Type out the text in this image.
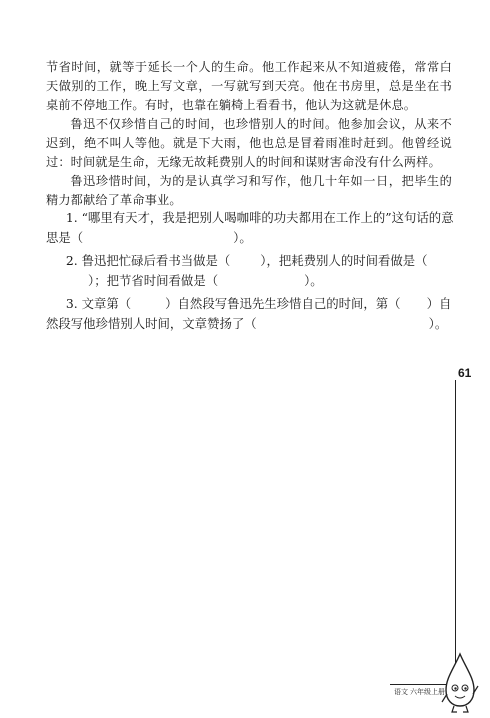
节省时间，就等于延长一个人的生命。他工作起来从不知道疲倦，常常白天做别的工作，晚上写文章，一写就写到天亮。他在书房里，总是坐在书桌前不停地工作。有时，也靠在躺椅上看看书，他认为这就是休息。

鲁迅不仅珍惜自己的时间，也珍惜别人的时间。他参加会议，从来不迟到，绝不叫人等他。就是下大雨，他也总是冒着雨准时赶到。他曾经说过：时间就是生命，无缘无故耗费别人的时间和谋财害命没有什么两样。

鲁迅珍惜时间，为的是认真学习和写作，他几十年如一日，把毕生的精力都献给了革命事业。

1. “哪里有天才，我是把别人喝咖啡的功夫都用在工作上的”这句话的意思是（	）。

2. 鲁迅把忙碌后看书当做是（ ），把耗费别人的时间看做是（）；把节省时间看做是（	）。

3. 文章第（	）自然段写鲁迅先生珍惜自己的时间，第（ ）自然段写他珍惜别人时间，文章赞扬了（	）。

61
语文 六年级上册
